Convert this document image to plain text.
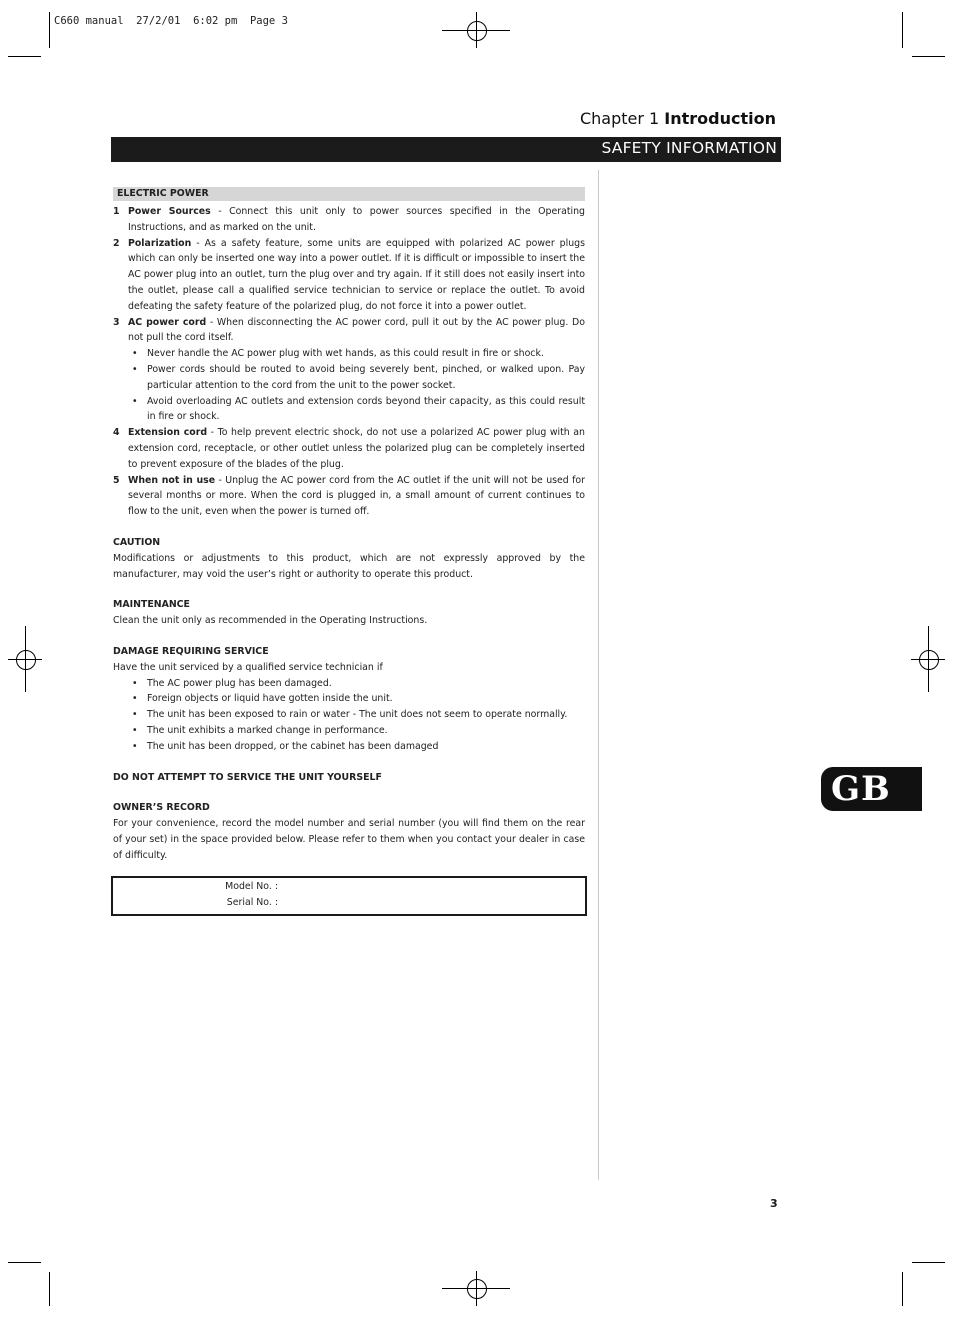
C660 manual  27/2/01  6:02 pm  Page 3
Chapter 1 Introduction
SAFETY INFORMATION
ELECTRIC POWER
1 Power Sources - Connect this unit only to power sources specified in the Operating Instructions, and as marked on the unit.
2 Polarization - As a safety feature, some units are equipped with polarized AC power plugs which can only be inserted one way into a power outlet. If it is difficult or impossible to insert the AC power plug into an outlet, turn the plug over and try again. If it still does not easily insert into the outlet, please call a qualified service technician to service or replace the outlet. To avoid defeating the safety feature of the polarized plug, do not force it into a power outlet.
3 AC power cord - When disconnecting the AC power cord, pull it out by the AC power plug. Do not pull the cord itself.
• Never handle the AC power plug with wet hands, as this could result in fire or shock.
• Power cords should be routed to avoid being severely bent, pinched, or walked upon. Pay particular attention to the cord from the unit to the power socket.
• Avoid overloading AC outlets and extension cords beyond their capacity, as this could result in fire or shock.
4 Extension cord - To help prevent electric shock, do not use a polarized AC power plug with an extension cord, receptacle, or other outlet unless the polarized plug can be completely inserted to prevent exposure of the blades of the plug.
5 When not in use - Unplug the AC power cord from the AC outlet if the unit will not be used for several months or more. When the cord is plugged in, a small amount of current continues to flow to the unit, even when the power is turned off.
CAUTION
Modifications or adjustments to this product, which are not expressly approved by the manufacturer, may void the user’s right or authority to operate this product.
MAINTENANCE
Clean the unit only as recommended in the Operating Instructions.
DAMAGE REQUIRING SERVICE
Have the unit serviced by a qualified service technician if
• The AC power plug has been damaged.
• Foreign objects or liquid have gotten inside the unit.
• The unit has been exposed to rain or water - The unit does not seem to operate normally.
• The unit exhibits a marked change in performance.
• The unit has been dropped, or the cabinet has been damaged
DO NOT ATTEMPT TO SERVICE THE UNIT YOURSELF
OWNER’S RECORD
For your convenience, record the model number and serial number (you will find them on the rear of your set) in the space provided below. Please refer to them when you contact your dealer in case of difficulty.
Model No. :
Serial No. :
GB
3
